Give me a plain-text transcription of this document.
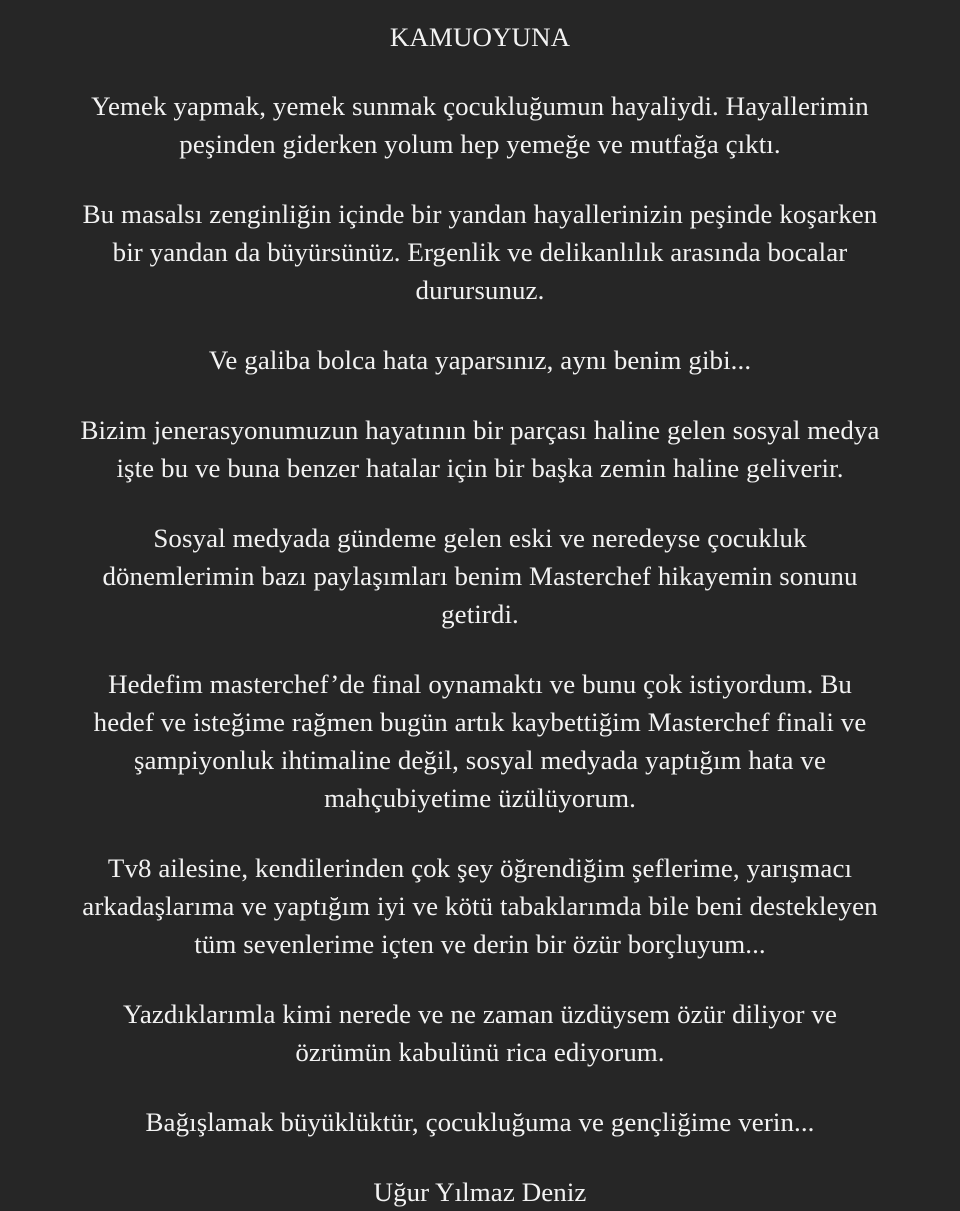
KAMUOYUNA

Yemek yapmak, yemek sunmak çocukluğumun hayaliydi. Hayallerimin
peşinden giderken yolum hep yemeğe ve mutfağa çıktı.

Bu masalsı zenginliğin içinde bir yandan hayallerinizin peşinde koşarken
bir yandan da büyürsünüz. Ergenlik ve delikanlılık arasında bocalar
durursunuz.

Ve galiba bolca hata yaparsınız, aynı benim gibi...

Bizim jenerasyonumuzun hayatının bir parçası haline gelen sosyal medya
işte bu ve buna benzer hatalar için bir başka zemin haline geliverir.

Sosyal medyada gündeme gelen eski ve neredeyse çocukluk
dönemlerimin bazı paylaşımları benim Masterchef hikayemin sonunu
getirdi.

Hedefim masterchef’de final oynamaktı ve bunu çok istiyordum. Bu
hedef ve isteğime rağmen bugün artık kaybettiğim Masterchef finali ve
şampiyonluk ihtimaline değil, sosyal medyada yaptığım hata ve
mahçubiyetime üzülüyorum.

Tv8 ailesine, kendilerinden çok şey öğrendiğim şeflerime, yarışmacı
arkadaşlarıma ve yaptığım iyi ve kötü tabaklarımda bile beni destekleyen
tüm sevenlerime içten ve derin bir özür borçluyum...

Yazdıklarımla kimi nerede ve ne zaman üzdüysem özür diliyor ve
özrümün kabulünü rica ediyorum.

Bağışlamak büyüklüktür, çocukluğuma ve gençliğime verin...

Uğur Yılmaz Deniz
